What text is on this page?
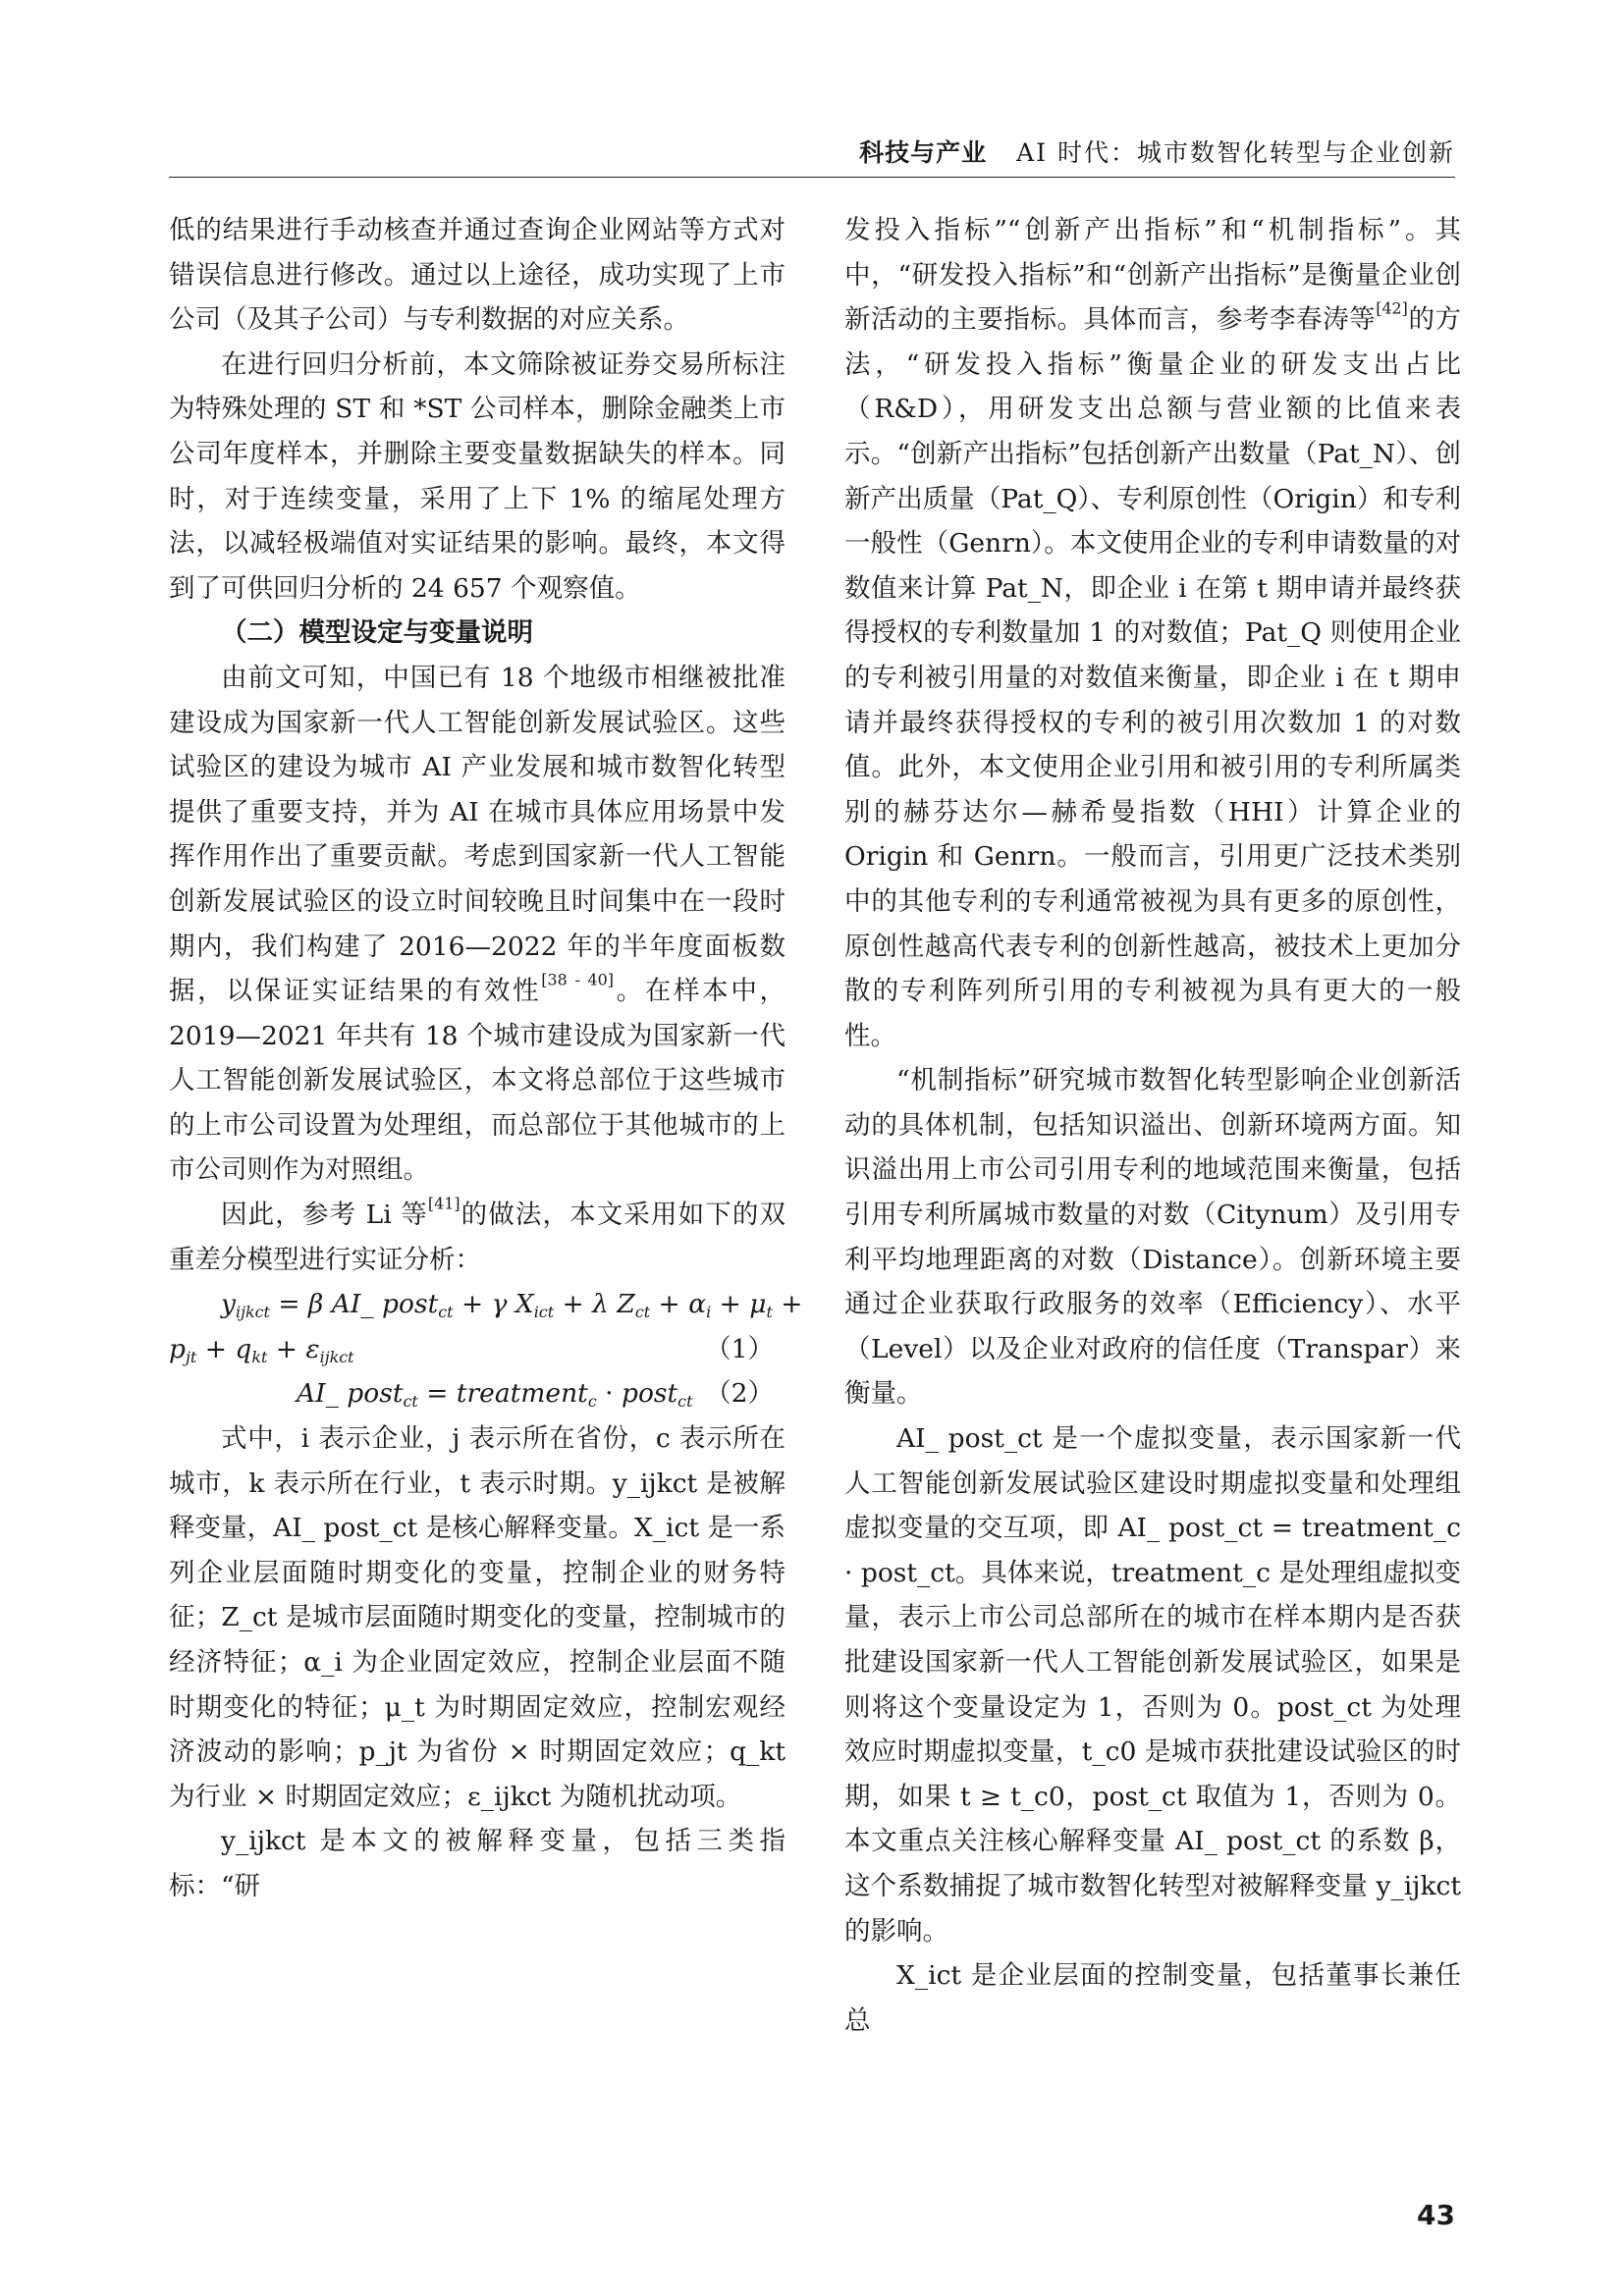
科技与产业 AI 时代：城市数智化转型与企业创新

低的结果进行手动核查并通过查询企业网站等方式对错误信息进行修改。通过以上途径，成功实现了上市公司（及其子公司）与专利数据的对应关系。

在进行回归分析前，本文筛除被证券交易所标注为特殊处理的 ST 和 *ST 公司样本，删除金融类上市公司年度样本，并删除主要变量数据缺失的样本。同时，对于连续变量，采用了上下 1% 的缩尾处理方法，以减轻极端值对实证结果的影响。最终，本文得到了可供回归分析的 24 657 个观察值。

（二）模型设定与变量说明

由前文可知，中国已有 18 个地级市相继被批准建设成为国家新一代人工智能创新发展试验区。这些试验区的建设为城市 AI 产业发展和城市数智化转型提供了重要支持，并为 AI 在城市具体应用场景中发挥作用作出了重要贡献。考虑到国家新一代人工智能创新发展试验区的设立时间较晚且时间集中在一段时期内，我们构建了 2016—2022 年的半年度面板数据，以保证实证结果的有效性[38 - 40]。在样本中，2019—2021 年共有 18 个城市建设成为国家新一代人工智能创新发展试验区，本文将总部位于这些城市的上市公司设置为处理组，而总部位于其他城市的上市公司则作为对照组。

因此，参考 Li 等[41]的做法，本文采用如下的双重差分模型进行实证分析：

$y_{ijkct} = \beta$ AI_ post$_{ct}$ + γ $X_{ict} + \lambda$ $Z_{ct} + \alpha_i + \mu_t$ +
$p_{jt} + q_{kt} + \varepsilon_{ijkct}$	（1）
AI_ post$_{ct}$ = treatment$_c$ · post$_{ct}$ （2）

式中，i 表示企业，j 表示所在省份，c 表示所在城市，k 表示所在行业，t 表示时期。y_ijkct 是被解释变量，AI_ post_ct 是核心解释变量。X_ict 是一系列企业层面随时期变化的变量，控制企业的财务特征；Z_ct 是城市层面随时期变化的变量，控制城市的经济特征；α_i 为企业固定效应，控制企业层面不随时期变化的特征；μ_t 为时期固定效应，控制宏观经济波动的影响；p_jt 为省份 × 时期固定效应；q_kt 为行业 × 时期固定效应；ε_ijkct 为随机扰动项。

y_ijkct 是本文的被解释变量，包括三类指标：“研

发投入指标”“创新产出指标”和“机制指标”。其中，“研发投入指标”和“创新产出指标”是衡量企业创新活动的主要指标。具体而言，参考李春涛等[42]的方法，“研发投入指标”衡量企业的研发支出占比（R&D），用研发支出总额与营业额的比值来表示。“创新产出指标”包括创新产出数量（Pat_N）、创新产出质量（Pat_Q）、专利原创性（Origin）和专利一般性（Genrn）。本文使用企业的专利申请数量的对数值来计算 Pat_N，即企业 i 在第 t 期申请并最终获得授权的专利数量加 1 的对数值；Pat_Q 则使用企业的专利被引用量的对数值来衡量，即企业 i 在 t 期申请并最终获得授权的专利的被引用次数加 1 的对数值。此外，本文使用企业引用和被引用的专利所属类别的赫芬达尔—赫希曼指数（HHI）计算企业的 Origin 和 Genrn。一般而言，引用更广泛技术类别中的其他专利的专利通常被视为具有更多的原创性，原创性越高代表专利的创新性越高，被技术上更加分散的专利阵列所引用的专利被视为具有更大的一般性。

“机制指标”研究城市数智化转型影响企业创新活动的具体机制，包括知识溢出、创新环境两方面。知识溢出用上市公司引用专利的地域范围来衡量，包括引用专利所属城市数量的对数（Citynum）及引用专利平均地理距离的对数（Distance）。创新环境主要通过企业获取行政服务的效率（Efficiency）、水平（Level）以及企业对政府的信任度（Transpar）来衡量。

AI_ post_ct 是一个虚拟变量，表示国家新一代人工智能创新发展试验区建设时期虚拟变量和处理组虚拟变量的交互项，即 AI_ post_ct = treatment_c · post_ct。具体来说，treatment_c 是处理组虚拟变量，表示上市公司总部所在的城市在样本期内是否获批建设国家新一代人工智能创新发展试验区，如果是则将这个变量设定为 1，否则为 0。post_ct 为处理效应时期虚拟变量，t_c0 是城市获批建设试验区的时期，如果 t ≥ t_c0，post_ct 取值为 1，否则为 0。本文重点关注核心解释变量 AI_ post_ct 的系数 β，这个系数捕捉了城市数智化转型对被解释变量 y_ijkct 的影响。

X_ict 是企业层面的控制变量，包括董事长兼任总

43
